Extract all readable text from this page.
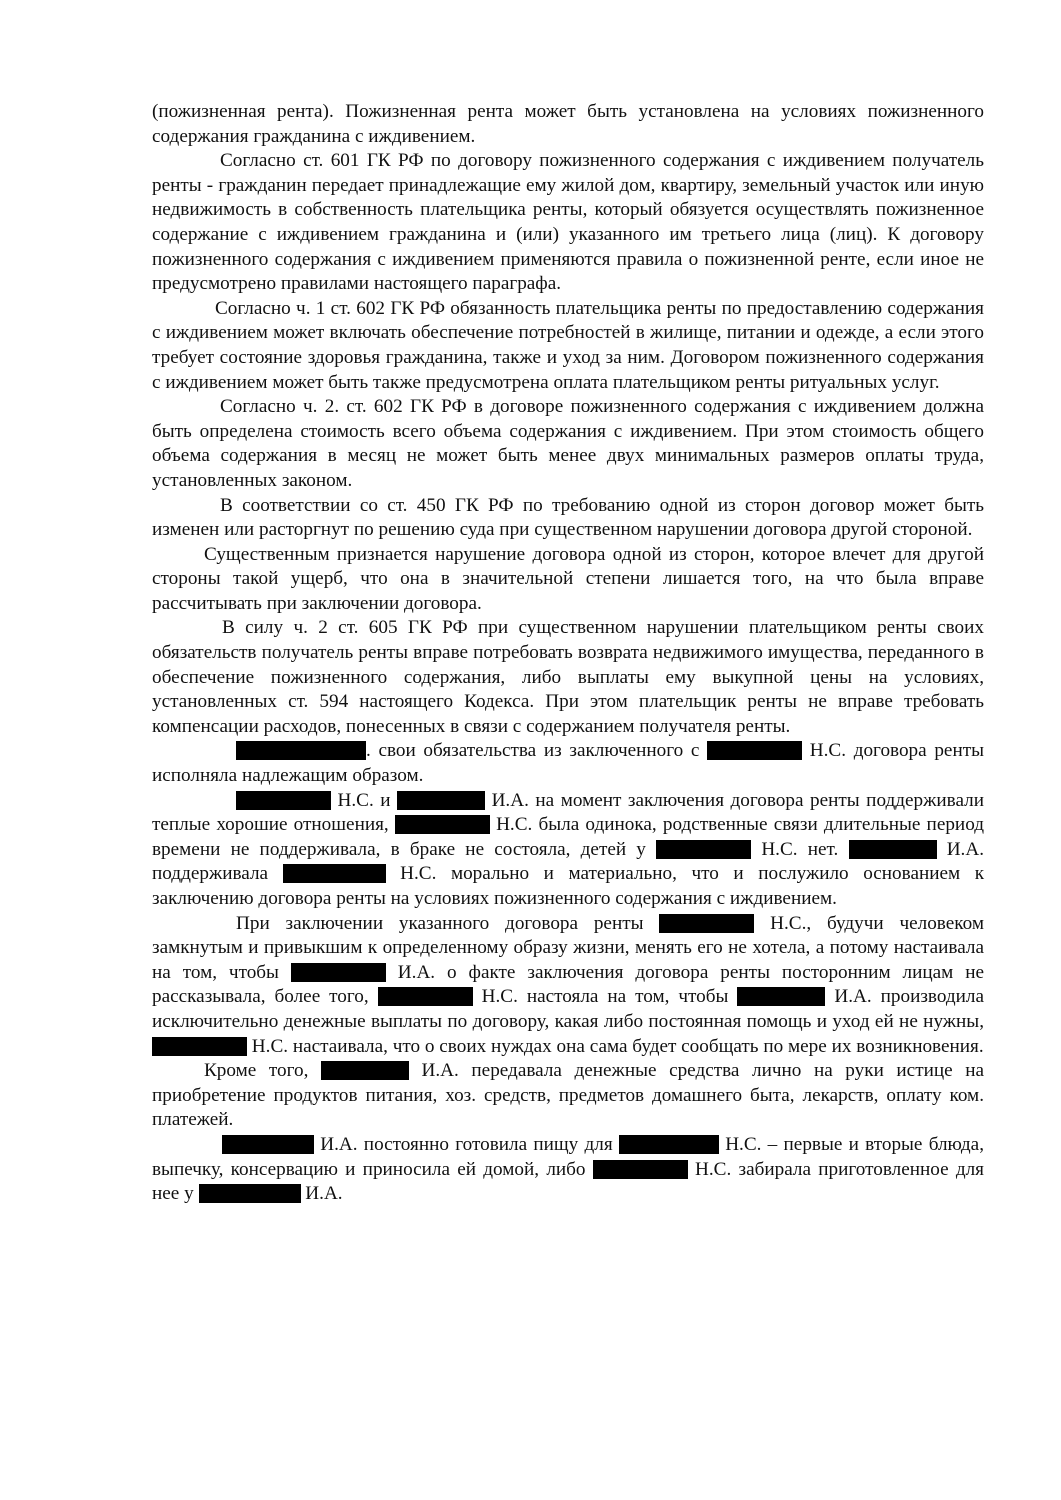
(пожизненная рента). Пожизненная рента может быть установлена на условиях пожизненного содержания гражданина с иждивением.

Согласно ст. 601 ГК РФ по договору пожизненного содержания с иждивением получатель ренты - гражданин передает принадлежащие ему жилой дом, квартиру, земельный участок или иную недвижимость в собственность плательщика ренты, который обязуется осуществлять пожизненное содержание с иждивением гражданина и (или) указанного им третьего лица (лиц). К договору пожизненного содержания с иждивением применяются правила о пожизненной ренте, если иное не предусмотрено правилами настоящего параграфа.

Согласно ч. 1 ст. 602 ГК РФ обязанность плательщика ренты по предоставлению содержания с иждивением может включать обеспечение потребностей в жилище, питании и одежде, а если этого требует состояние здоровья гражданина, также и уход за ним. Договором пожизненного содержания с иждивением может быть также предусмотрена оплата плательщиком ренты ритуальных услуг.

Согласно ч. 2. ст. 602 ГК РФ в договоре пожизненного содержания с иждивением должна быть определена стоимость всего объема содержания с иждивением. При этом стоимость общего объема содержания в месяц не может быть менее двух минимальных размеров оплаты труда, установленных законом.

В соответствии со ст. 450 ГК РФ по требованию одной из сторон договор может быть изменен или расторгнут по решению суда при существенном нарушении договора другой стороной.

Существенным признается нарушение договора одной из сторон, которое влечет для другой стороны такой ущерб, что она в значительной степени лишается того, на что была вправе рассчитывать при заключении договора.

В силу ч. 2 ст. 605 ГК РФ при существенном нарушении плательщиком ренты своих обязательств получатель ренты вправе потребовать возврата недвижимого имущества, переданного в обеспечение пожизненного содержания, либо выплаты ему выкупной цены на условиях, установленных ст. 594 настоящего Кодекса. При этом плательщик ренты не вправе требовать компенсации расходов, понесенных в связи с содержанием получателя ренты.

. свои обязательства из заключенного с	Н.С. договора ренты исполняла надлежащим образом.

Н.С. и	И.А. на момент заключения договора ренты поддерживали теплые хорошие отношения,	Н.С. была одинока, родственные связи длительные период времени не поддерживала, в браке не состояла, детей у	Н.С. нет.	И.А. поддерживала	Н.С. морально и материально, что и послужило основанием к заключению договора ренты на условиях пожизненного содержания с иждивением.

При заключении указанного договора ренты	Н.С., будучи человеком замкнутым и привыкшим к определенному образу жизни, менять его не хотела, а потому настаивала на том, чтобы	И.А. о факте заключения договора ренты посторонним лицам не рассказывала, более того,	Н.С. настояла на том, чтобы	И.А. производила исключительно денежные выплаты по договору, какая либо постоянная помощь и уход ей не нужны,  Н.С. настаивала, что о своих нуждах она сама будет сообщать по мере их возникновения.

Кроме того,	И.А. передавала денежные средства лично на руки истице на приобретение продуктов питания, хоз. средств, предметов домашнего быта, лекарств, оплату ком. платежей.

И.А. постоянно готовила пищу для	Н.С. – первые и вторые блюда, выпечку, консервацию и приносила ей домой, либо	Н.С. забирала приготовленное для нее у	И.А.
